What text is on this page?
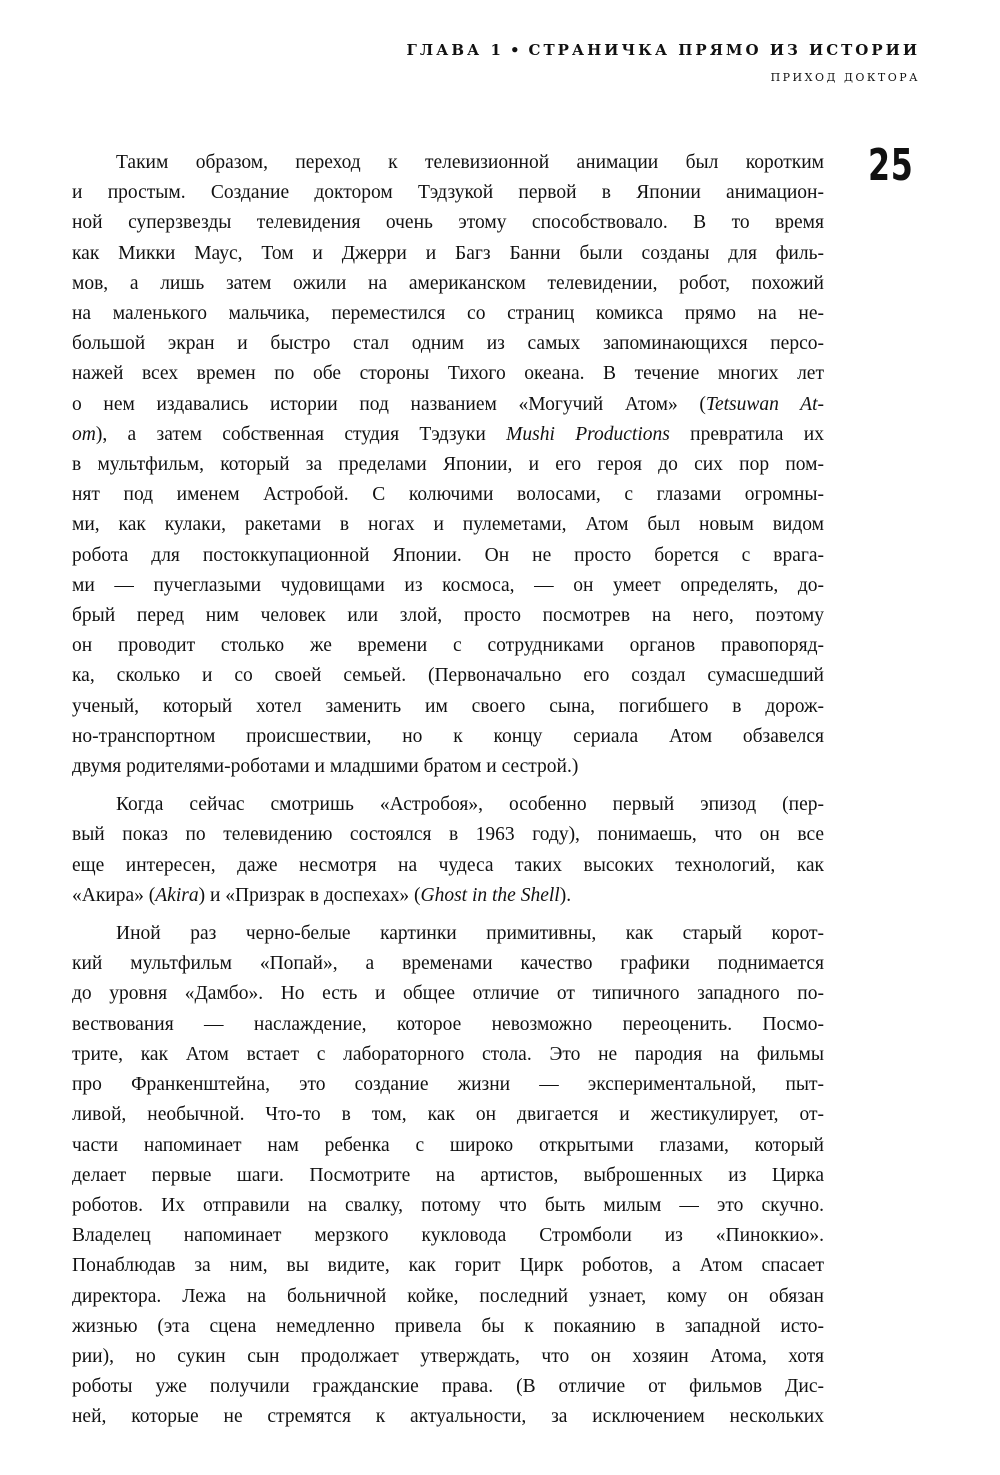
ГЛАВА 1 • СТРАНИЧКА ПРЯМО ИЗ ИСТОРИИ
ПРИХОД ДОКТОРА
25

Таким образом, переход к телевизионной анимации был коротким
и простым. Создание доктором Тэдзукой первой в Японии анимацион-
ной суперзвезды телевидения очень этому способствовало. В то время
как Микки Маус, Том и Джерри и Багз Банни были созданы для филь-
мов, а лишь затем ожили на американском телевидении, робот, похожий
на маленького мальчика, переместился со страниц комикса прямо на не-
большой экран и быстро стал одним из самых запоминающихся персо-
нажей всех времен по обе стороны Тихого океана. В течение многих лет
о нем издавались истории под названием «Могучий Атом» (Tetsuwan At-
om), а затем собственная студия Тэдзуки Mushi Productions превратила их
в мультфильм, который за пределами Японии, и его героя до сих пор пом-
нят под именем Астробой. С колючими волосами, с глазами огромны-
ми, как кулаки, ракетами в ногах и пулеметами, Атом был новым видом
робота для постоккупационной Японии. Он не просто борется с врага-
ми — пучеглазыми чудовищами из космоса, — он умеет определять, до-
брый перед ним человек или злой, просто посмотрев на него, поэтому
он проводит столько же времени с сотрудниками органов правопоряд-
ка, сколько и со своей семьей. (Первоначально его создал сумасшедший
ученый, который хотел заменить им своего сына, погибшего в дорож-
но-транспортном происшествии, но к концу сериала Атом обзавелся
двумя родителями-роботами и младшими братом и сестрой.)

Когда сейчас смотришь «Астробоя», особенно первый эпизод (пер-
вый показ по телевидению состоялся в 1963 году), понимаешь, что он все
еще интересен, даже несмотря на чудеса таких высоких технологий, как
«Акира» (Akira) и «Призрак в доспехах» (Ghost in the Shell).

Иной раз черно-белые картинки примитивны, как старый корот-
кий мультфильм «Попай», а временами качество графики поднимается
до уровня «Дамбо». Но есть и общее отличие от типичного западного по-
вествования — наслаждение, которое невозможно переоценить. Посмо-
трите, как Атом встает с лабораторного стола. Это не пародия на фильмы
про Франкенштейна, это создание жизни — экспериментальной, пыт-
ливой, необычной. Что-то в том, как он двигается и жестикулирует, от-
части напоминает нам ребенка с широко открытыми глазами, который
делает первые шаги. Посмотрите на артистов, выброшенных из Цирка
роботов. Их отправили на свалку, потому что быть милым — это скучно.
Владелец напоминает мерзкого кукловода Стромболи из «Пиноккио».
Понаблюдав за ним, вы видите, как горит Цирк роботов, а Атом спасает
директора. Лежа на больничной койке, последний узнает, кому он обязан
жизнью (эта сцена немедленно привела бы к покаянию в западной исто-
рии), но сукин сын продолжает утверждать, что он хозяин Атома, хотя
роботы уже получили гражданские права. (В отличие от фильмов Дис-
ней, которые не стремятся к актуальности, за исключением нескольких
